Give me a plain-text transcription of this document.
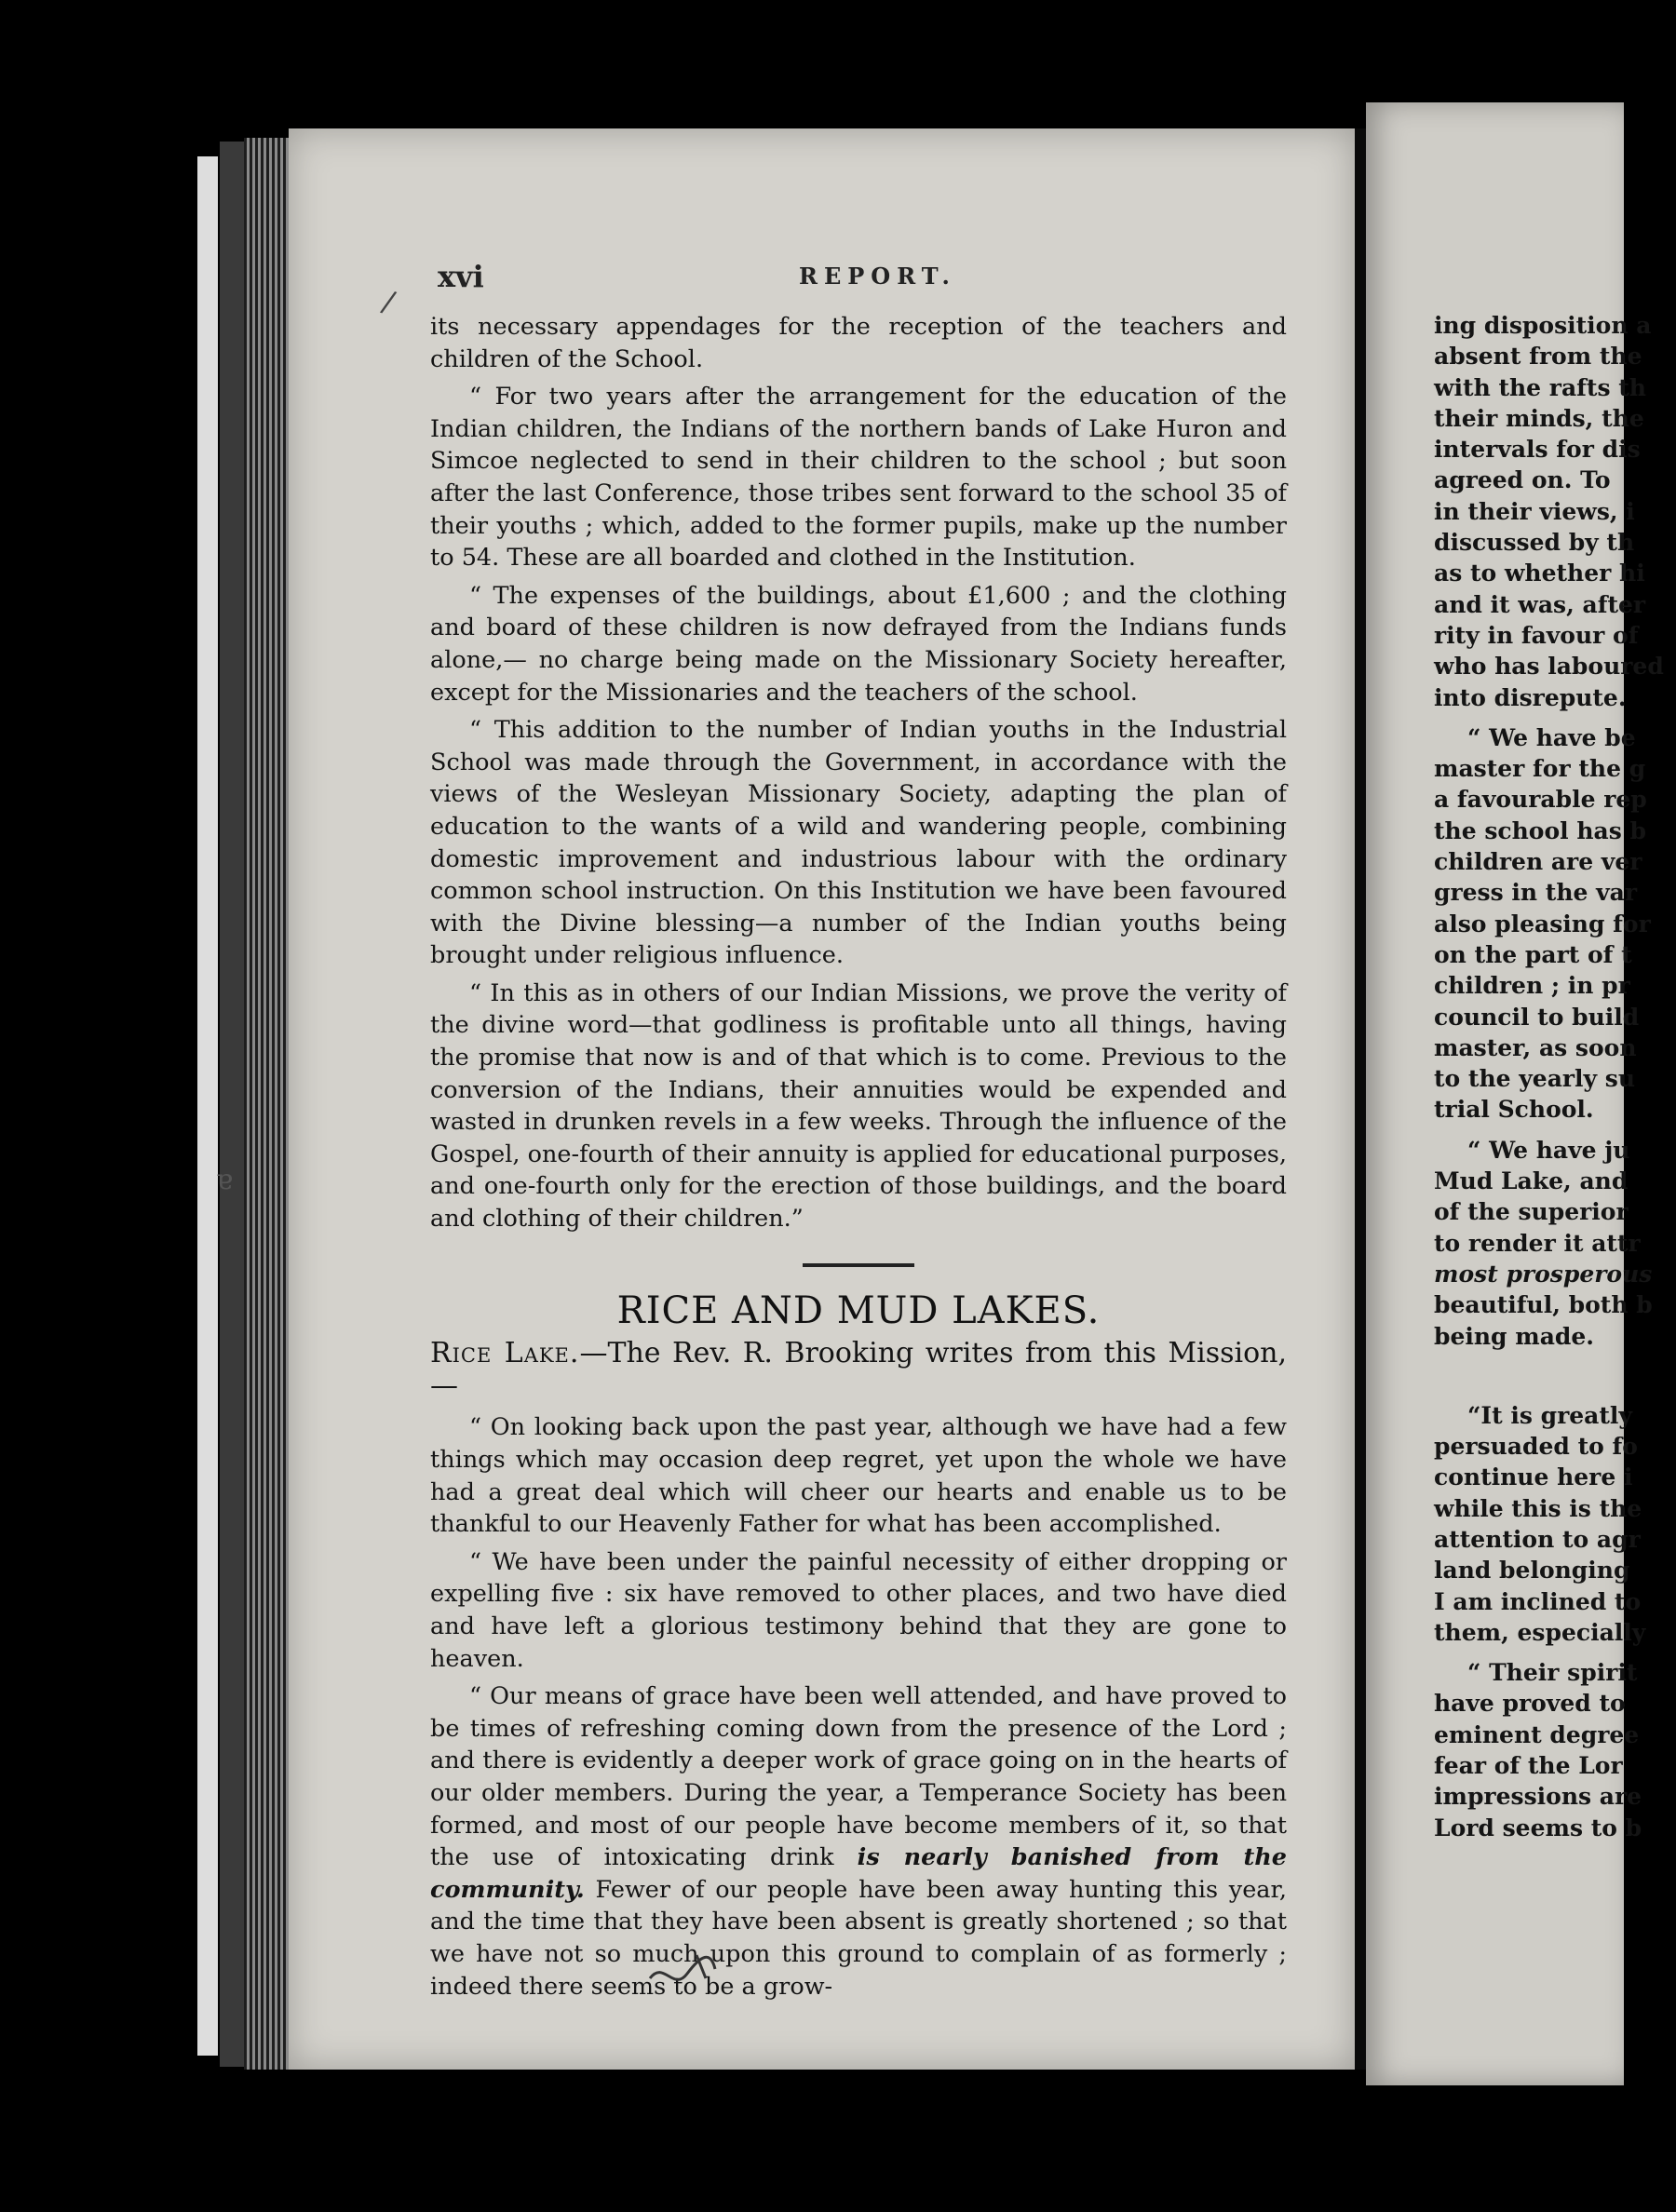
ɐ
xvi	REPORT.
/

its necessary appendages for the reception of the teachers and children of the School.

“ For two years after the arrangement for the education of the Indian children, the Indians of the northern bands of Lake Huron and Simcoe neglected to send in their children to the school ; but soon after the last Conference, those tribes sent forward to the school 35 of their youths ; which, added to the former pupils, make up the number to 54. These are all boarded and clothed in the Institution.

“ The expenses of the buildings, about £1,600 ; and the clothing and board of these children is now defrayed from the Indians funds alone,— no charge being made on the Missionary Society hereafter, except for the Missionaries and the teachers of the school.

“ This addition to the number of Indian youths in the Industrial School was made through the Government, in accordance with the views of the Wesleyan Missionary Society, adapting the plan of education to the wants of a wild and wandering people, combining domestic improvement and industrious labour with the ordinary common school instruction. On this Institution we have been favoured with the Divine blessing—a number of the Indian youths being brought under religious influence.

“ In this as in others of our Indian Missions, we prove the verity of the divine word—that godliness is profitable unto all things, having the promise that now is and of that which is to come. Previous to the conversion of the Indians, their annuities would be expended and wasted in drunken revels in a few weeks. Through the influence of the Gospel, one-fourth of their annuity is applied for educational purposes, and one-fourth only for the erection of those buildings, and the board and clothing of their children.”

RICE AND MUD LAKES.
Rice Lake.—The Rev. R. Brooking writes from this Mission,—

“ On looking back upon the past year, although we have had a few things which may occasion deep regret, yet upon the whole we have had a great deal which will cheer our hearts and enable us to be thankful to our Heavenly Father for what has been accomplished.

“ We have been under the painful necessity of either dropping or expelling five : six have removed to other places, and two have died and have left a glorious testimony behind that they are gone to heaven.

“ Our means of grace have been well attended, and have proved to be times of refreshing coming down from the presence of the Lord ; and there is evidently a deeper work of grace going on in the hearts of our older members. During the year, a Temperance Society has been formed, and most of our people have become members of it, so that the use of intoxicating drink is nearly banished from the community. Fewer of our people have been away hunting this year, and the time that they have been absent is greatly shortened ; so that we have not so much upon this ground to complain of as formerly ; indeed there seems to be a grow-

ing disposition a
absent from the
with the rafts th
their minds, the
intervals for dis
agreed on. To
in their views, i
discussed by th
as to whether hi
and it was, after
rity in favour of
who has laboured
into disrepute.
“ We have be
master for the g
a favourable rep
the school has b
children are ver
gress in the var
also pleasing for
on the part of t
children ; in pr
council to build
master, as soon
to the yearly su
trial School.
“ We have ju
Mud Lake, and
of the superior
to render it attr
most prosperous
beautiful, both b
being made.
“It is greatly
persuaded to fo
continue here i
while this is the
attention to agr
land belonging
I am inclined to
them, especially
“ Their spirit
have proved to
eminent degree
fear of the Lor
impressions are
Lord seems to b
